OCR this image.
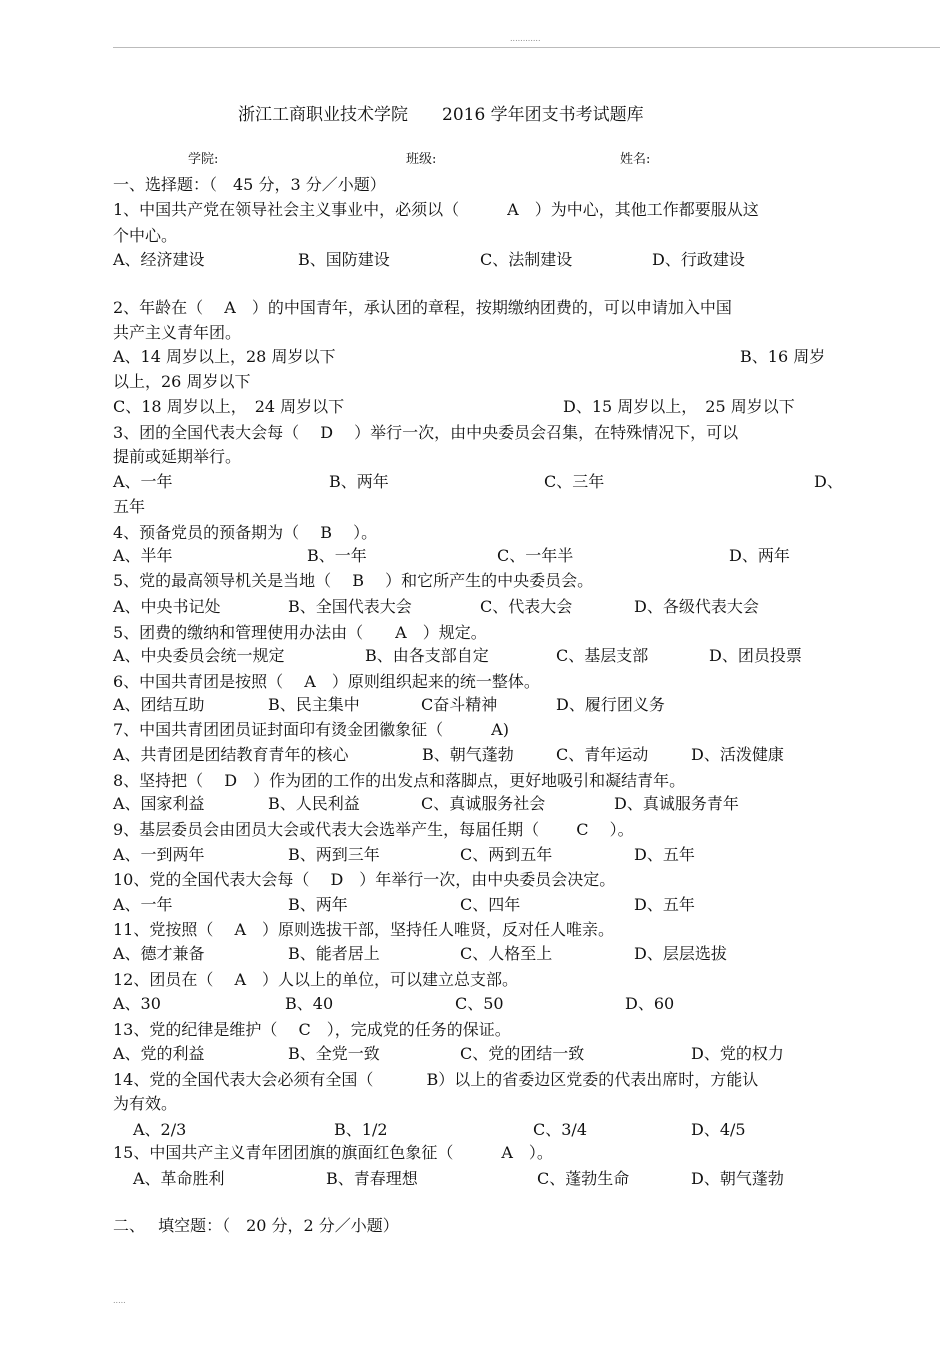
............
浙江工商职业技术学院　　2016 学年团支书考试题库
学院:	班级:	姓名:
一、选择题：（　45 分，3 分／小题）
1、中国共产党在领导社会主义事业中，必须以（　　　A　）为中心，其他工作都要服从这
个中心。
A、经济建设	B、国防建设	C、法制建设	D、行政建设
2、年龄在（　 A　）的中国青年，承认团的章程，按期缴纳团费的，可以申请加入中国
共产主义青年团。
A、14 周岁以上，28 周岁以下	B、16 周岁
以上，26 周岁以下
C、18 周岁以上，　24 周岁以下	D、15 周岁以上，　25 周岁以下
3、团的全国代表大会每（　 D　 ）举行一次，由中央委员会召集，在特殊情况下，可以
提前或延期举行。
A、一年	B、两年	C、三年	D、
五年
4、预备党员的预备期为（　 B　 ）。
A、半年	B、一年	C、一年半	D、两年
5、党的最高领导机关是当地（　 B　 ）和它所产生的中央委员会。
A、中央书记处	B、全国代表大会	C、代表大会	D、各级代表大会
5、团费的缴纳和管理使用办法由（　　A　）规定。
A、中央委员会统一规定	B、由各支部自定	C、基层支部	D、团员投票
6、中国共青团是按照（　 A　）原则组织起来的统一整体。
A、团结互助	B、民主集中	C奋斗精神	D、履行团义务
7、中国共青团团员证封面印有烫金团徽象征（　　　A)
A、共青团是团结教育青年的核心	B、朝气蓬勃	C、青年运动	D、活泼健康
8、坚持把（　 D　）作为团的工作的出发点和落脚点，更好地吸引和凝结青年。
A、国家利益	B、人民利益	C、真诚服务社会	D、真诚服务青年
9、基层委员会由团员大会或代表大会选举产生，每届任期（　　 C　 ）。
A、一到两年	B、两到三年	C、两到五年	D、五年
10、党的全国代表大会每（　 D　）年举行一次，由中央委员会决定。
A、一年	B、两年	C、四年	D、五年
11、党按照（　 A　）原则选拔干部，坚持任人唯贤，反对任人唯亲。
A、德才兼备	B、能者居上	C、人格至上	D、层层选拔
12、团员在（　 A　）人以上的单位，可以建立总支部。
A、30	B、40	C、50	D、60
13、党的纪律是维护（　 C　），完成党的任务的保证。
A、党的利益	B、全党一致	C、党的团结一致	D、党的权力
14、党的全国代表大会必须有全国（　　　 B）以上的省委边区党委的代表出席时，方能认
为有效。
A、2/3	B、1/2	C、3/4	D、4/5
15、中国共产主义青年团团旗的旗面红色象征（　　　A　）。
A、革命胜利	B、青春理想	C、蓬勃生命	D、朝气蓬勃
二、　 填空题：（　20 分，2 分／小题）
.....
